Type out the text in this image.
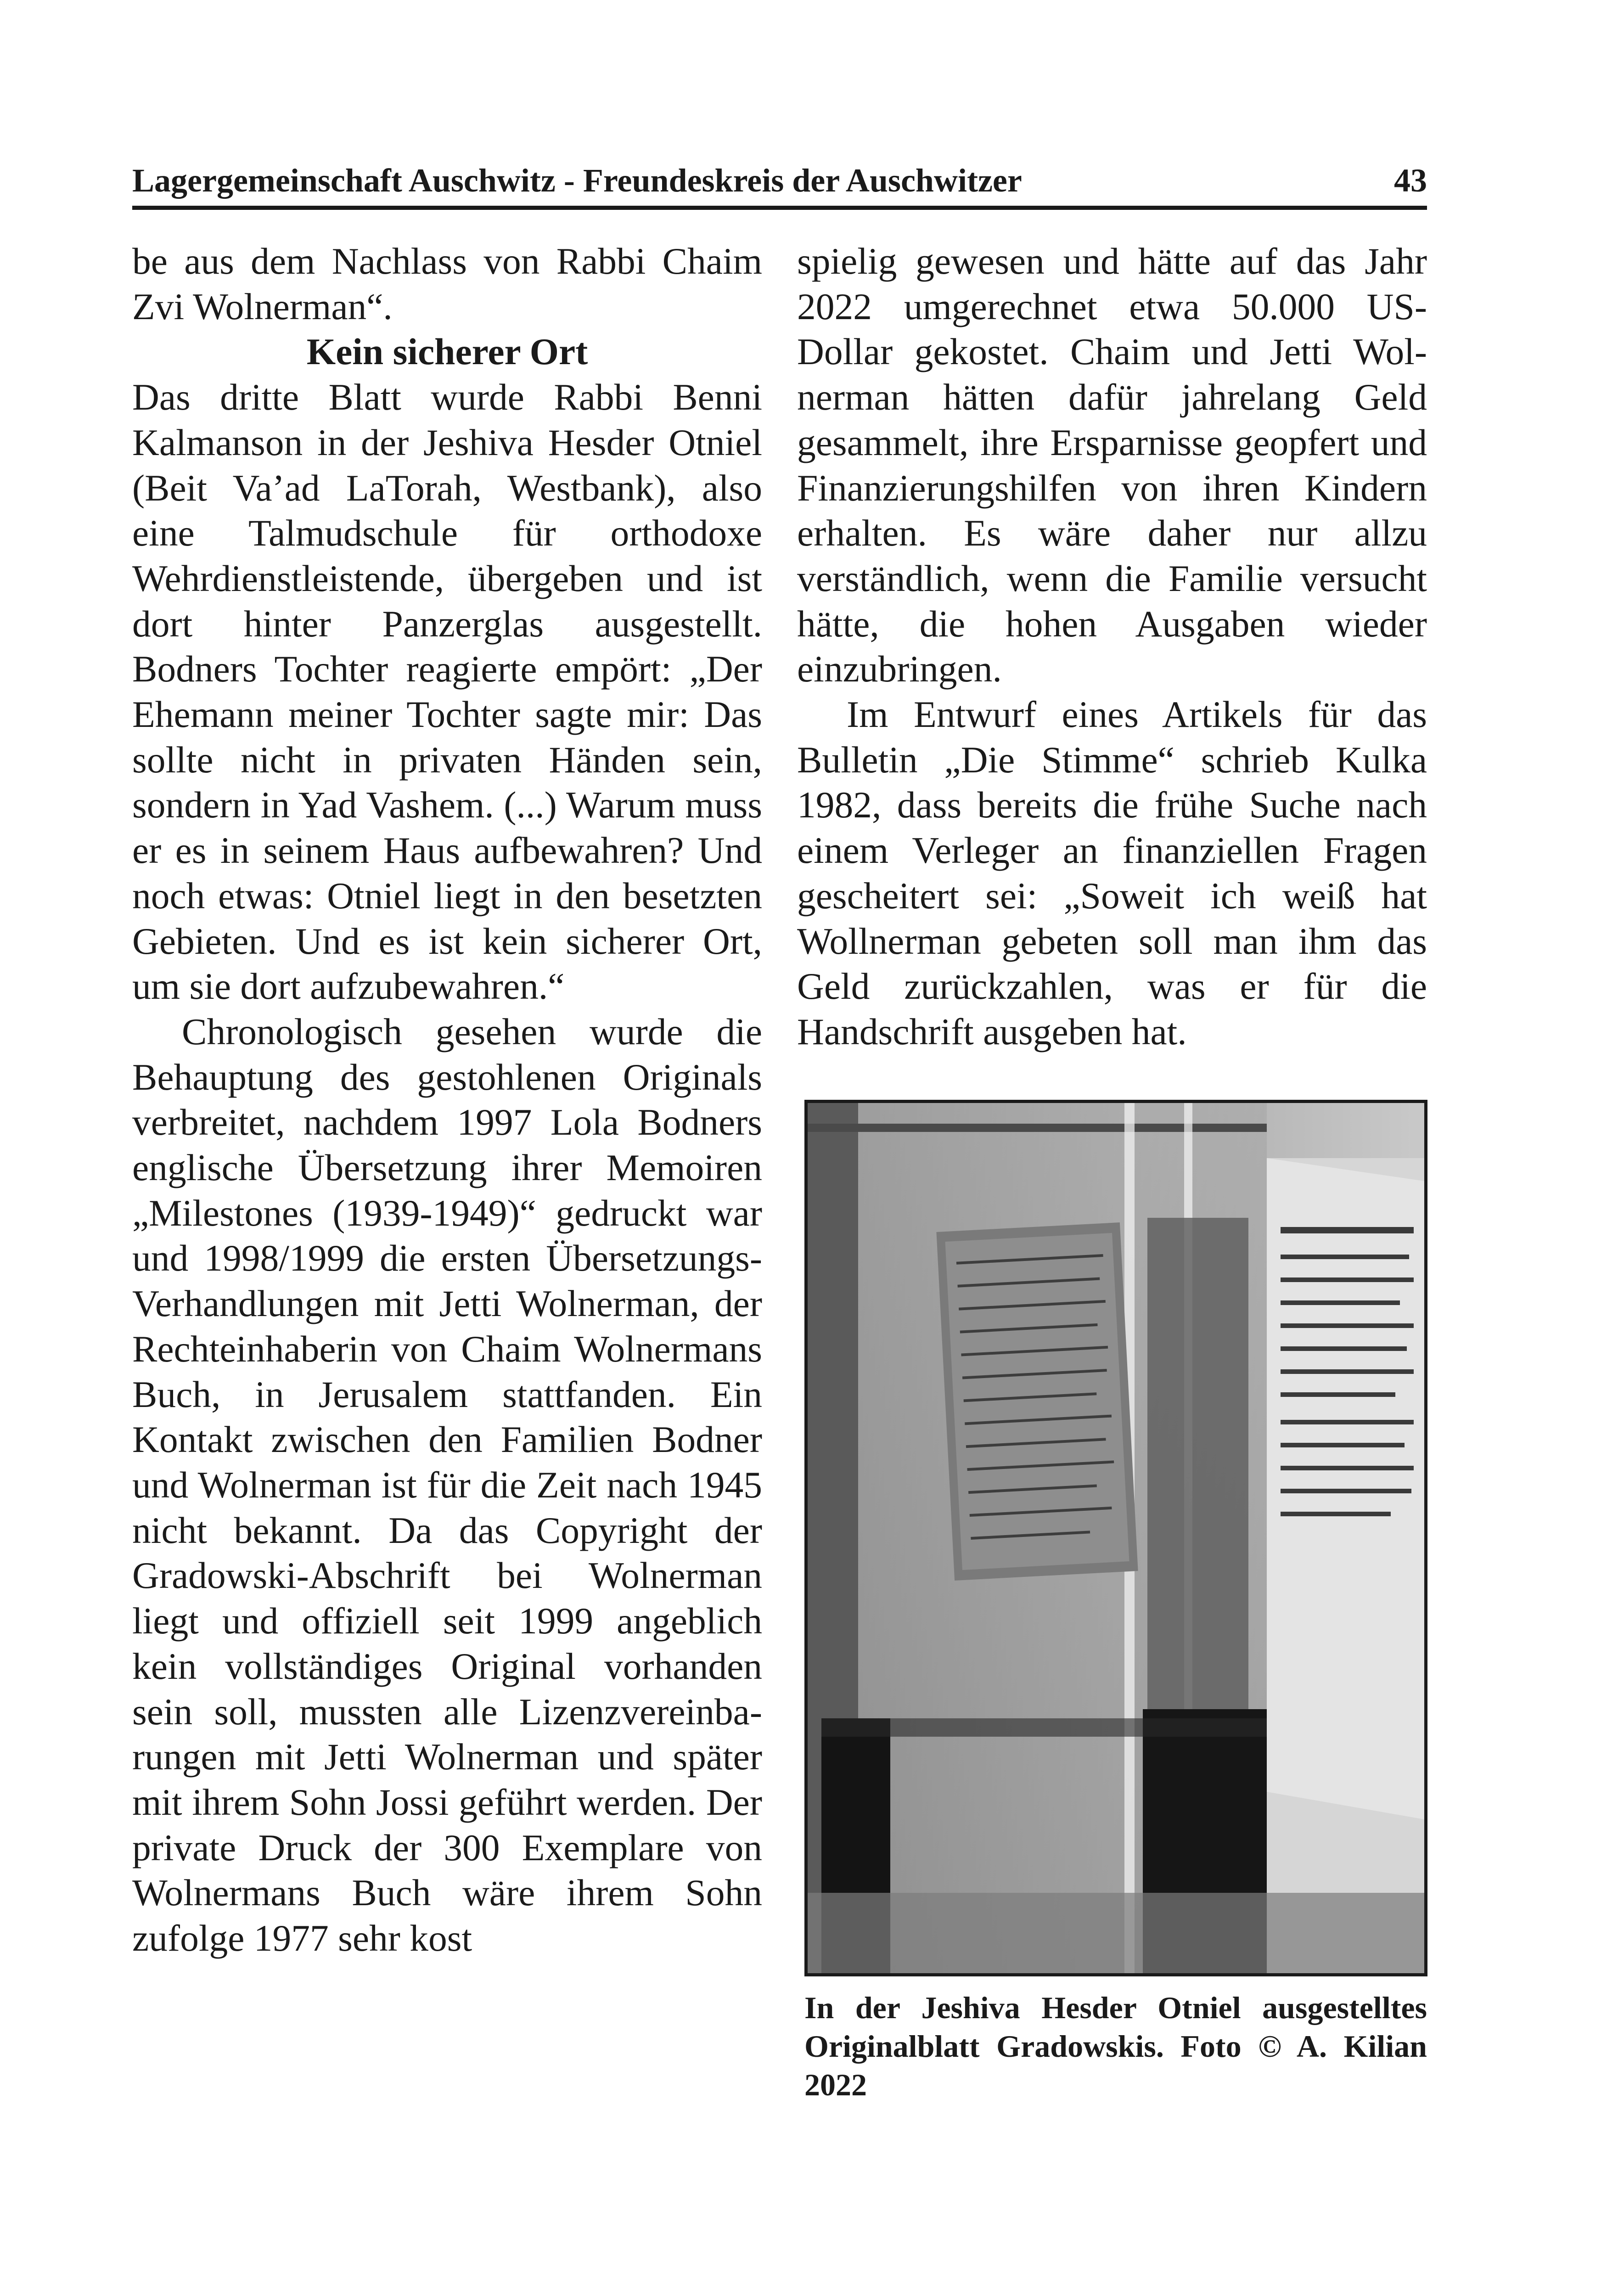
Lagergemeinschaft Auschwitz - Freundeskreis der Auschwitzer	43

be aus dem Nachlass von Rabbi Chaim Zvi Wolnerman“.

Kein sicherer Ort

Das dritte Blatt wurde Rabbi Benni Kalmanson in der Jeshiva Hesder Otniel (Beit Va’ad LaTorah, Westbank), also eine Talmudschule für orthodoxe Wehrdienstleistende, übergeben und ist dort hinter Panzerglas ausgestellt. Bodners Tochter reagierte empört: „Der Ehemann meiner Tochter sagte mir: Das sollte nicht in privaten Händen sein, sondern in Yad Vashem. (...) Warum muss er es in seinem Haus aufbewahren? Und noch etwas: Otniel liegt in den besetzten Gebieten. Und es ist kein sicherer Ort, um sie dort aufzubewahren.“

Chronologisch gesehen wurde die Behauptung des gestohlenen Originals verbreitet, nachdem 1997 Lola Bodners englische Übersetzung ihrer Memoiren „Milestones (1939-1949)“ gedruckt war und 1998/1999 die ersten Übersetzungs-Verhandlungen mit Jetti Wolnerman, der Rechteinhaberin von Chaim Wolnermans Buch, in Jerusalem stattfanden. Ein Kontakt zwischen den Familien Bodner und Wolnerman ist für die Zeit nach 1945 nicht bekannt. Da das Copyright der Gradowski-Abschrift bei Wolnerman liegt und offiziell seit 1999 angeblich kein vollständiges Original vorhanden sein soll, mussten alle Lizenzvereinbarungen mit Jetti Wolnerman und später mit ihrem Sohn Jossi geführt werden. Der private Druck der 300 Exemplare von Wolnermans Buch wäre ihrem Sohn zufolge 1977 sehr kost

spielig gewesen und hätte auf das Jahr 2022 umgerechnet etwa 50.000 US-Dollar gekostet. Chaim und Jetti Wolnerman hätten dafür jahrelang Geld gesammelt, ihre Ersparnisse geopfert und Finanzierungshilfen von ihren Kindern erhalten. Es wäre daher nur allzu verständlich, wenn die Familie versucht hätte, die hohen Ausgaben wieder einzubringen.

Im Entwurf eines Artikels für das Bulletin „Die Stimme“ schrieb Kulka 1982, dass bereits die frühe Suche nach einem Verleger an finanziellen Fragen gescheitert sei: „Soweit ich weiß hat Wollnerman gebeten soll man ihm das Geld zurückzahlen, was er für die Handschrift ausgeben hat.

In der Jeshiva Hesder Otniel ausgestelltes Originalblatt Gradowskis. Foto © A. Kilian 2022
